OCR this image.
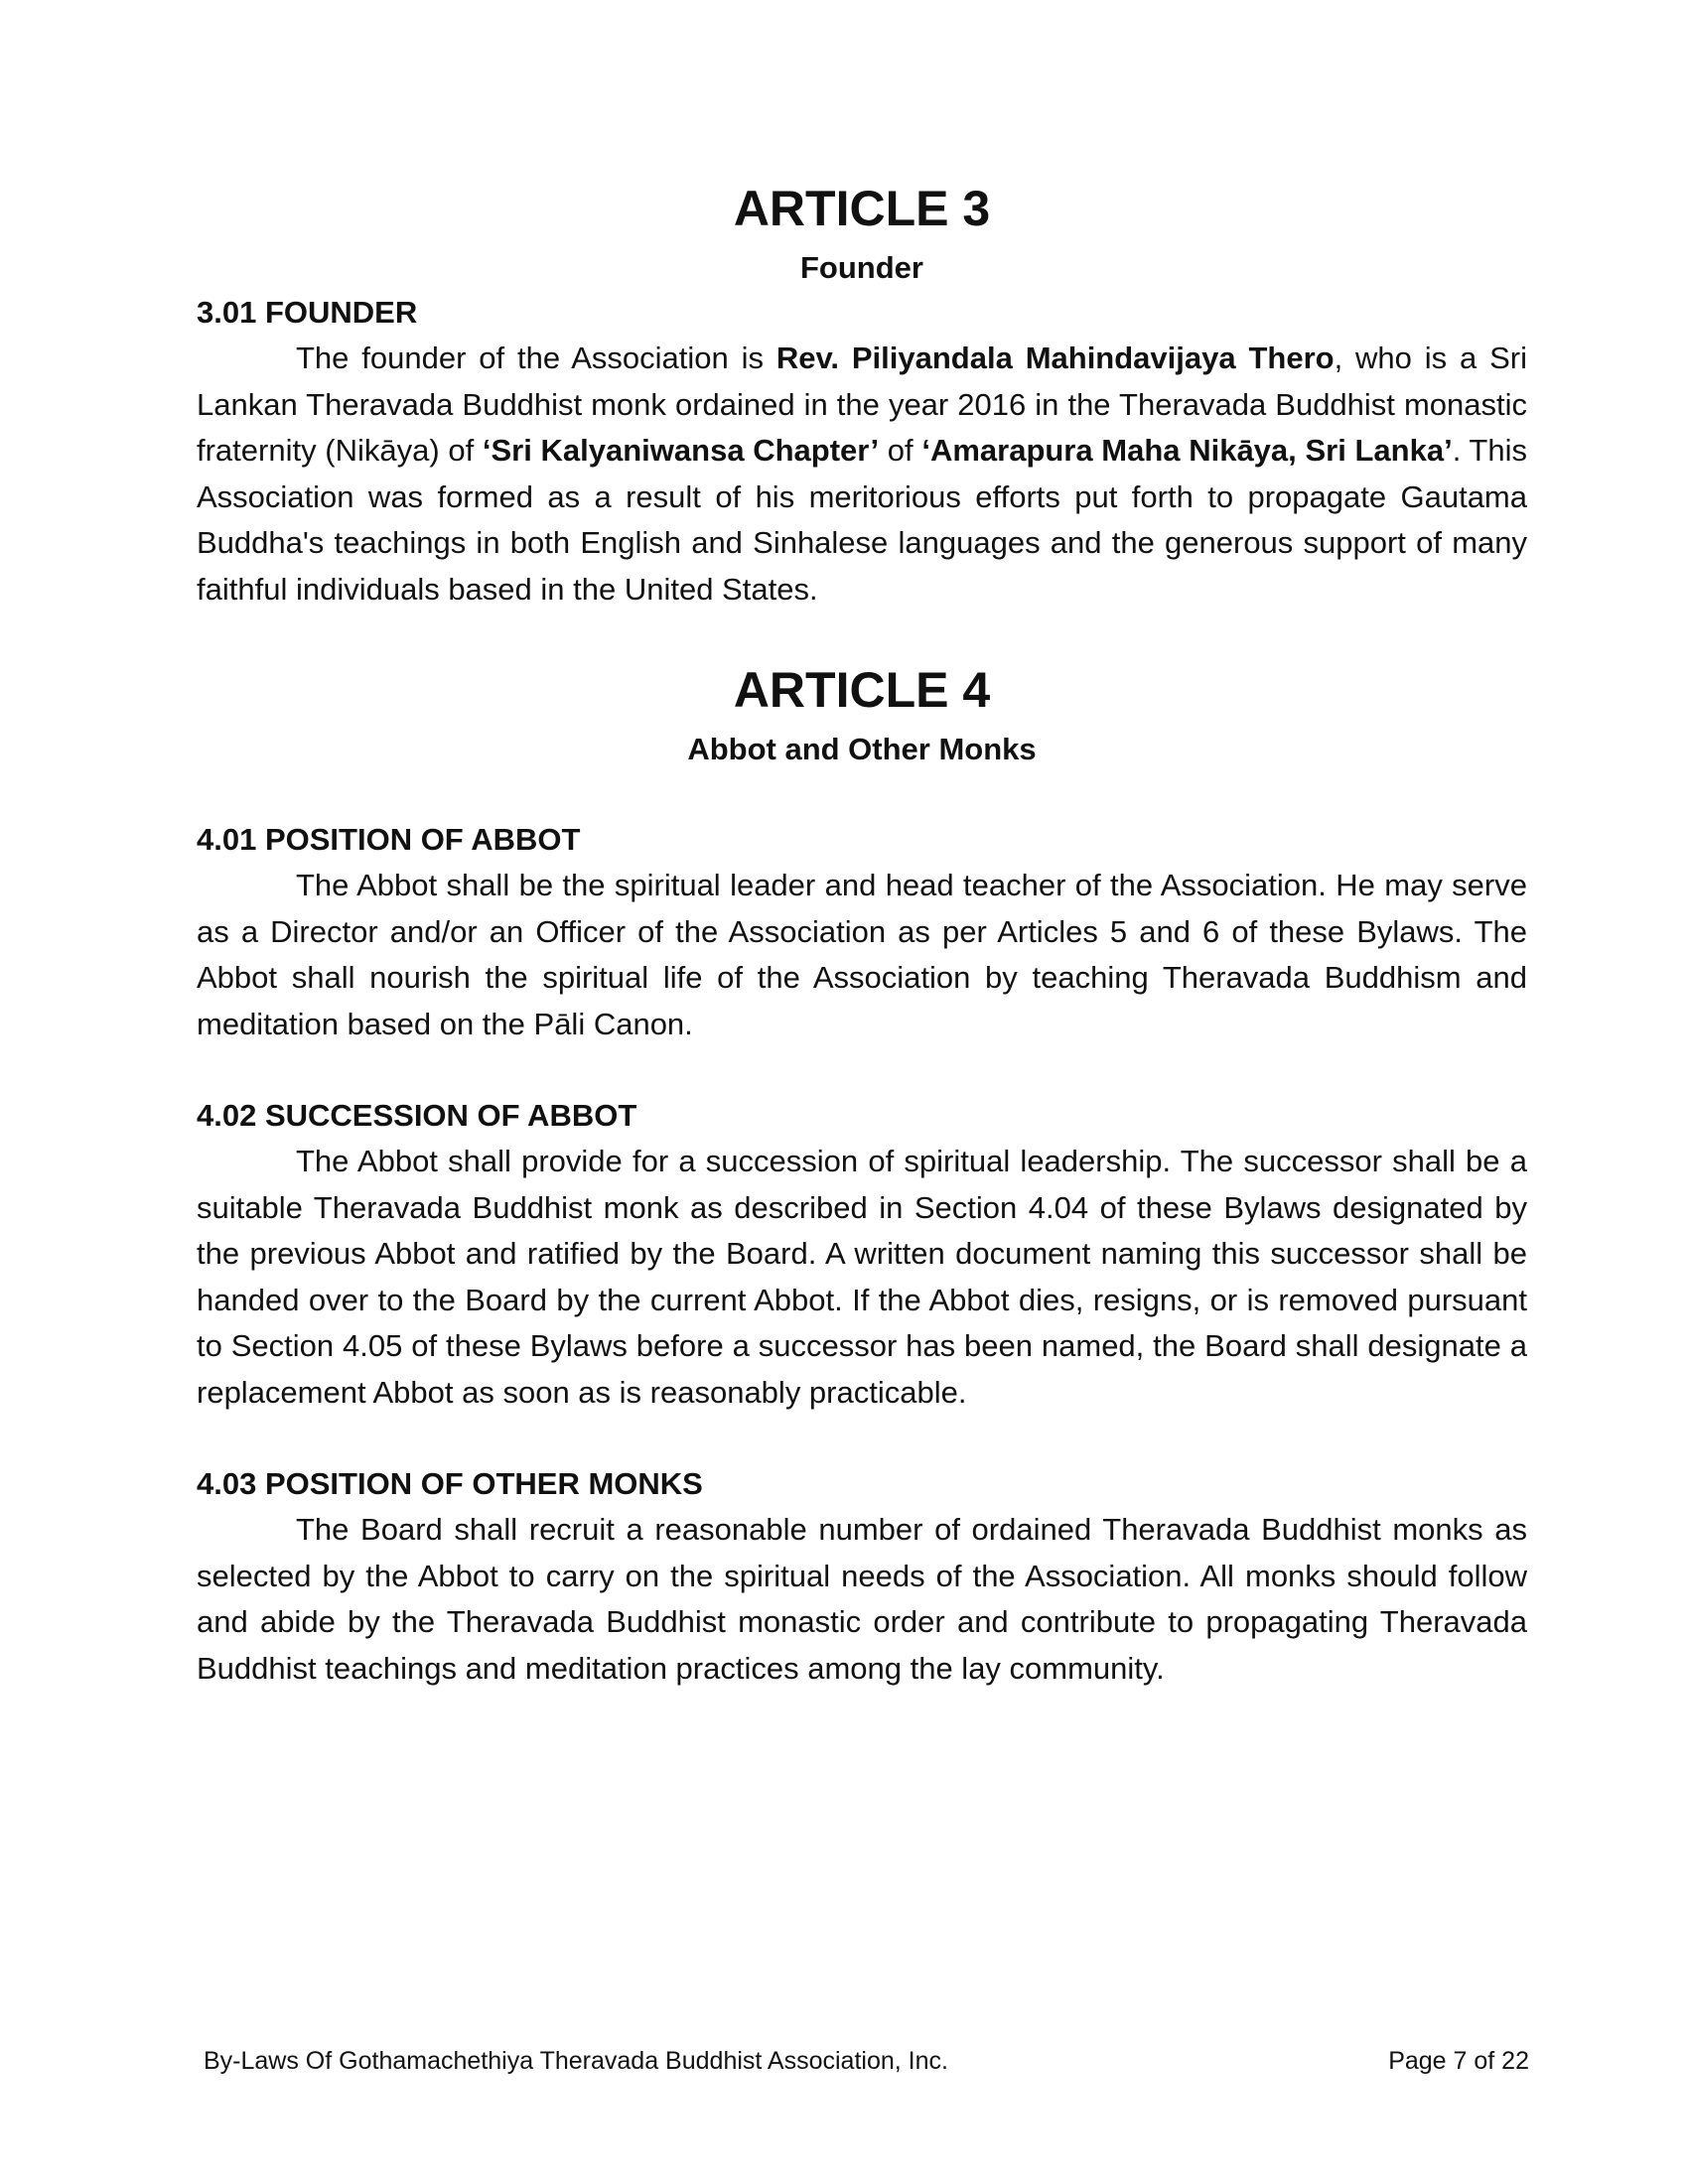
ARTICLE 3
Founder
3.01 FOUNDER

The founder of the Association is Rev. Piliyandala Mahindavijaya Thero, who is a Sri Lankan Theravada Buddhist monk ordained in the year 2016 in the Theravada Buddhist monastic fraternity (Nikāya) of ‘Sri Kalyaniwansa Chapter’ of ‘Amarapura Maha Nikāya, Sri Lanka’. This Association was formed as a result of his meritorious efforts put forth to propagate Gautama Buddha's teachings in both English and Sinhalese languages and the generous support of many faithful individuals based in the United States.

ARTICLE 4
Abbot and Other Monks
4.01 POSITION OF ABBOT

The Abbot shall be the spiritual leader and head teacher of the Association. He may serve as a Director and/or an Officer of the Association as per Articles 5 and 6 of these Bylaws. The Abbot shall nourish the spiritual life of the Association by teaching Theravada Buddhism and meditation based on the Pāli Canon.

4.02 SUCCESSION OF ABBOT

The Abbot shall provide for a succession of spiritual leadership. The successor shall be a suitable Theravada Buddhist monk as described in Section 4.04 of these Bylaws designated by the previous Abbot and ratified by the Board. A written document naming this successor shall be handed over to the Board by the current Abbot. If the Abbot dies, resigns, or is removed pursuant to Section 4.05 of these Bylaws before a successor has been named, the Board shall designate a replacement Abbot as soon as is reasonably practicable.

4.03 POSITION OF OTHER MONKS

The Board shall recruit a reasonable number of ordained Theravada Buddhist monks as selected by the Abbot to carry on the spiritual needs of the Association. All monks should follow and abide by the Theravada Buddhist monastic order and contribute to propagating Theravada Buddhist teachings and meditation practices among the lay community.

By-Laws Of Gothamachethiya Theravada Buddhist Association, Inc.	Page 7 of 22
